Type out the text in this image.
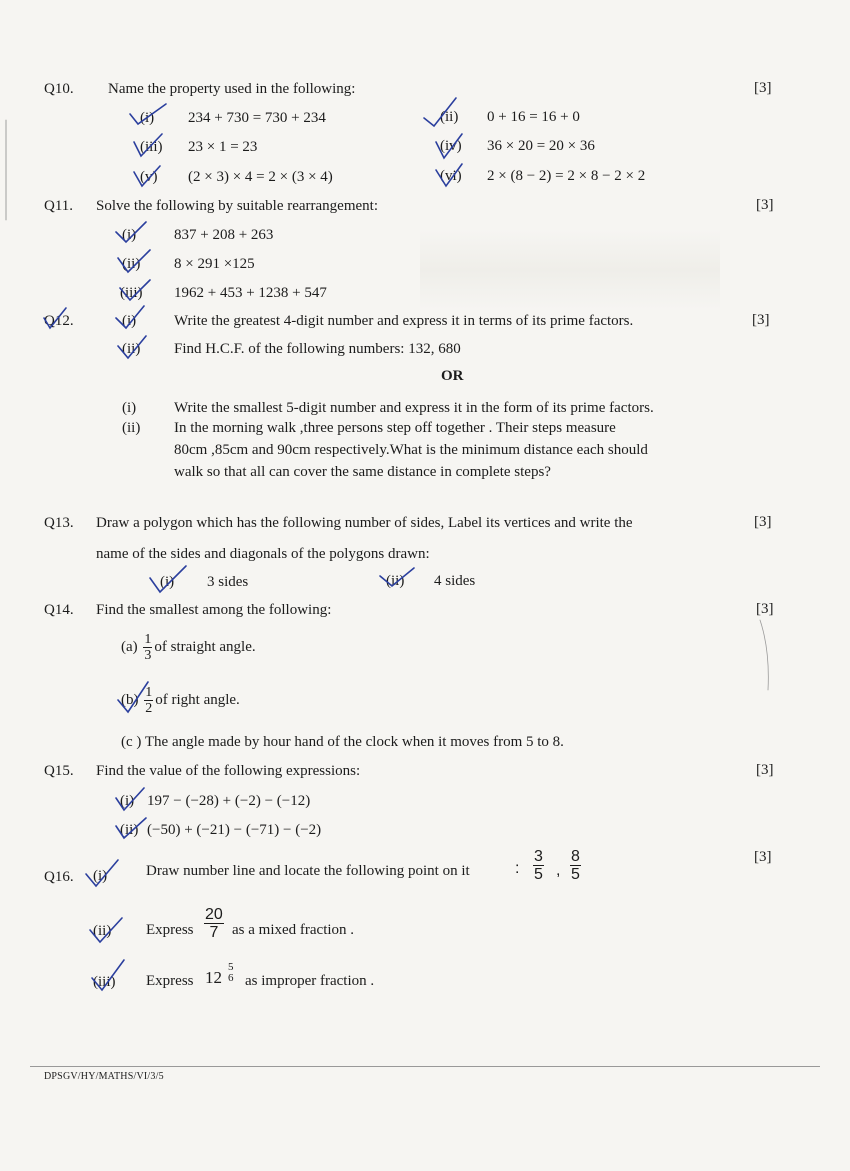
Q10. Name the property used in the following:	[3]
(i) 234 + 730 = 730 + 234	(ii) 0 + 16 = 16 + 0
(iii) 23 × 1 = 23	(iv) 36 × 20 = 20 × 36
(v) (2 × 3) × 4 = 2 × (3 × 4)	(vi) 2 × (8 − 2) = 2 × 8 − 2 × 2
Q11. Solve the following by suitable rearrangement:	[3]
(i)	837 + 208 + 263
(ii) 8 × 291 ×125
(iii) 1962 + 453 + 1238 + 547
Q12.	[3]
(i)	Write the greatest 4-digit number and express it in terms of its prime factors.
(ii) Find H.C.F. of the following numbers: 132, 680
OR
(i)	Write the smallest 5-digit number and express it in the form of its prime factors.
(ii) In the morning walk ,three persons step off together . Their steps measure
80cm ,85cm and 90cm respectively.What is the minimum distance each should
walk so that all can cover the same distance in complete steps?
Q13. Draw a polygon which has the following number of sides, Label its vertices and write the
name of the sides and diagonals of the polygons drawn:
[3]
(i) 3 sides	(ii) 4 sides
Q14. Find the smallest among the following:	[3]
$(a) \frac{1}{3}$ of straight angle.
$(b) \frac{1}{2}$ of right angle.
(c ) The angle made by hour hand of the clock when it moves from 5 to 8.
Q15. Find the value of the following expressions:	[3]
(i) 197 − (−28) + (−2) − (−12)
(ii) (−50) + (−21) − (−71) − (−2)
Q16.
[3]
(i)	Draw number line and locate the following point on it	: $\frac{3}{5}$ , $\frac{8}{5}$
(ii) Express $\frac{20}{7}$ as a mixed fraction .
(iii) Express 12
5
6 as improper fraction .
DPSGV/HY/MATHS/VI/3/5
